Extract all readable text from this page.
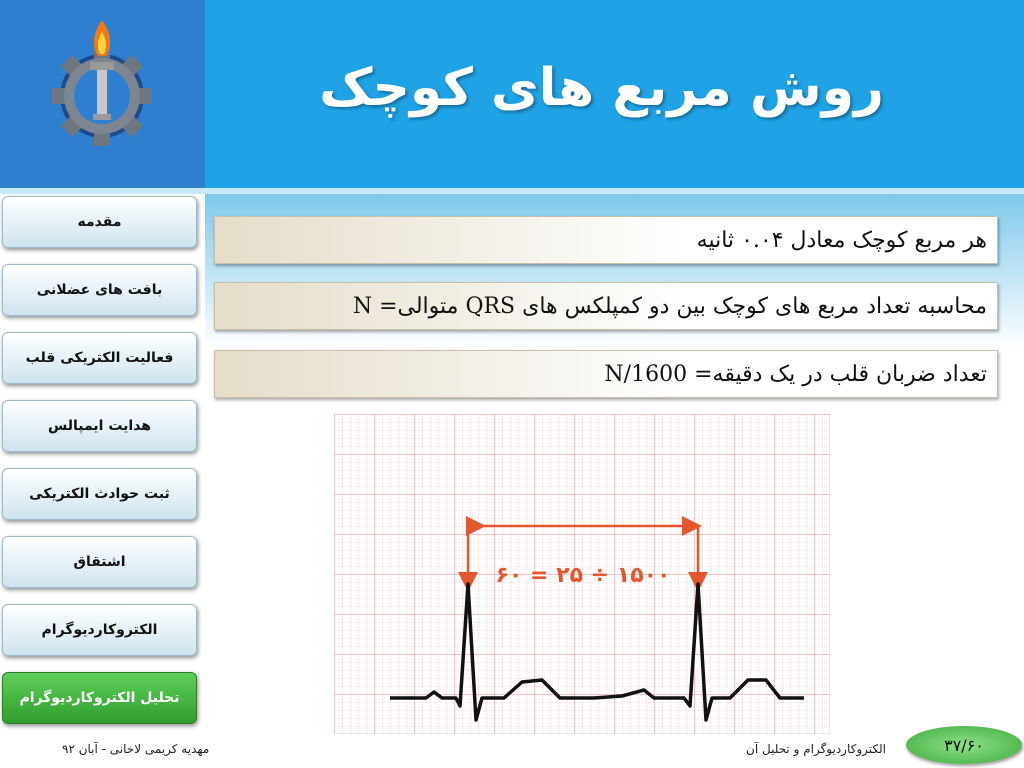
روش مربع های کوچک
مقدمه
بافت های عضلانی
فعالیت الکتریکی قلب
هدایت ایمپالس
ثبت حوادث الکتریکی
اشتقاق
الکتروکاردیوگرام
تحلیل الکتروکاردیوگرام
هر مربع کوچک معادل ۰.۰۴ ثانیه
محاسبه تعداد مربع های کوچک بین دو کمپلکس های QRS متوالی= N
تعداد ضربان قلب در یک دقیقه= 1600/N
۱۵۰۰ ÷ ۲۵ = ۶۰
مهدیه کریمی لاخانی - آبان ۹۲	الکتروکاردیوگرام و تحلیل آن	۳۷/۶۰
